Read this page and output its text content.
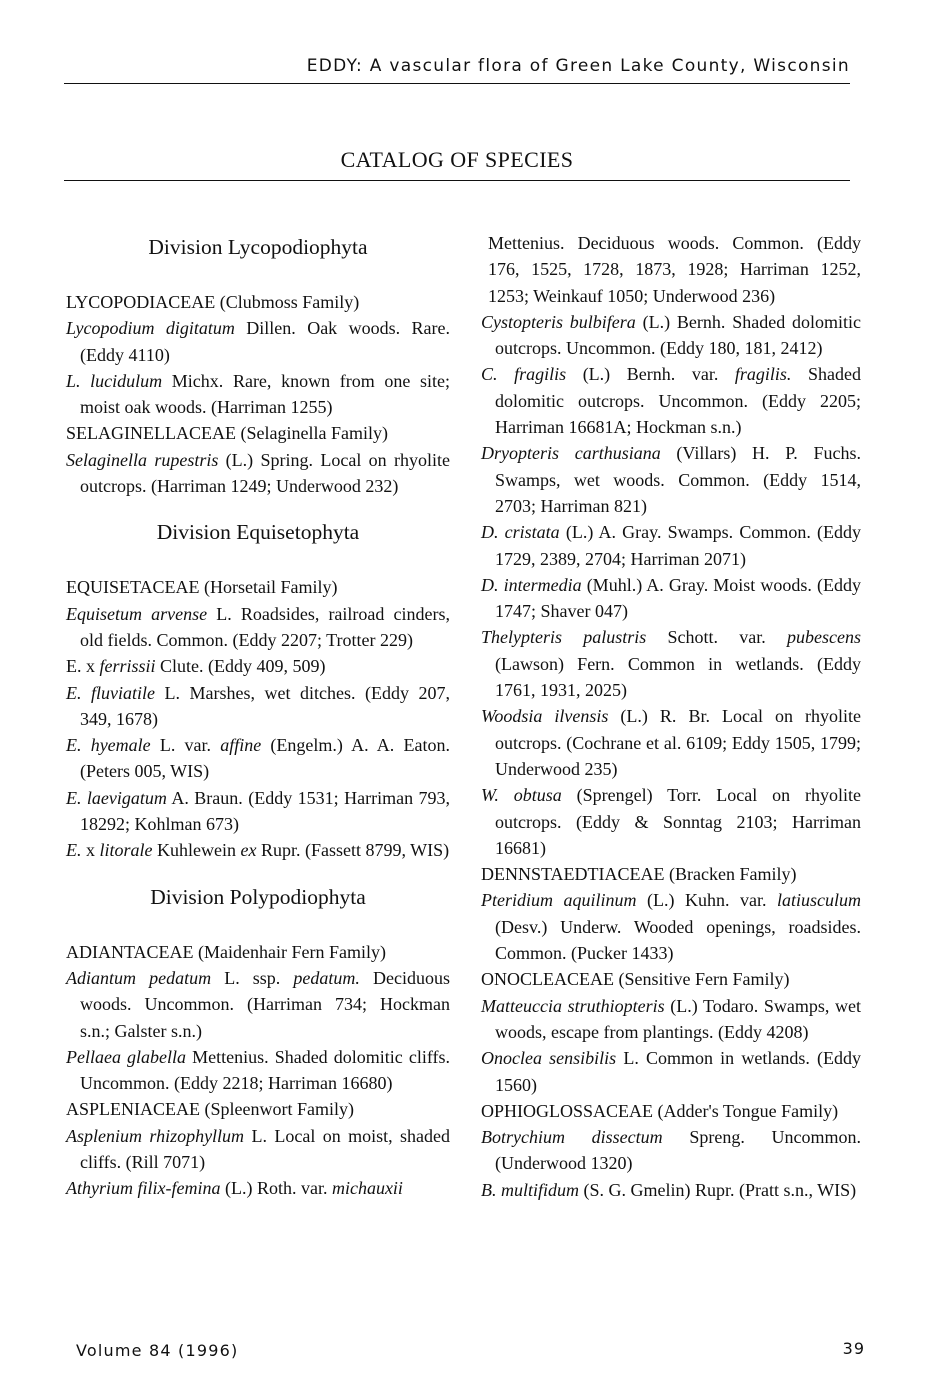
EDDY: A vascular flora of Green Lake County, Wisconsin
CATALOG OF SPECIES
Division Lycopodiophyta
LYCOPODIACEAE (Clubmoss Family)
Lycopodium digitatum Dillen. Oak woods. Rare. (Eddy 4110)
L. lucidulum Michx. Rare, known from one site; moist oak woods. (Harriman 1255)
SELAGINELLACEAE (Selaginella Family)
Selaginella rupestris (L.) Spring. Local on rhyolite outcrops. (Harriman 1249; Underwood 232)
Division Equisetophyta
EQUISETACEAE (Horsetail Family)
Equisetum arvense L. Roadsides, railroad cinders, old fields. Common. (Eddy 2207; Trotter 229)
E. x ferrissii Clute. (Eddy 409, 509)
E. fluviatile L. Marshes, wet ditches. (Eddy 207, 349, 1678)
E. hyemale L. var. affine (Engelm.) A. A. Eaton. (Peters 005, WIS)
E. laevigatum A. Braun. (Eddy 1531; Harriman 793, 18292; Kohlman 673)
E. x litorale Kuhlewein ex Rupr. (Fassett 8799, WIS)
Division Polypodiophyta
ADIANTACEAE (Maidenhair Fern Family)
Adiantum pedatum L. ssp. pedatum. Deciduous woods. Uncommon. (Harriman 734; Hockman s.n.; Galster s.n.)
Pellaea glabella Mettenius. Shaded dolomitic cliffs. Uncommon. (Eddy 2218; Harriman 16680)
ASPLENIACEAE (Spleenwort Family)
Asplenium rhizophyllum L. Local on moist, shaded cliffs. (Rill 7071)
Athyrium filix-femina (L.) Roth. var. michauxii
Mettenius. Deciduous woods. Common. (Eddy 176, 1525, 1728, 1873, 1928; Harriman 1252, 1253; Weinkauf 1050; Underwood 236)
Cystopteris bulbifera (L.) Bernh. Shaded dolomitic outcrops. Uncommon. (Eddy 180, 181, 2412)
C. fragilis (L.) Bernh. var. fragilis. Shaded dolomitic outcrops. Uncommon. (Eddy 2205; Harriman 16681A; Hockman s.n.)
Dryopteris carthusiana (Villars) H. P. Fuchs. Swamps, wet woods. Common. (Eddy 1514, 2703; Harriman 821)
D. cristata (L.) A. Gray. Swamps. Common. (Eddy 1729, 2389, 2704; Harriman 2071)
D. intermedia (Muhl.) A. Gray. Moist woods. (Eddy 1747; Shaver 047)
Thelypteris palustris Schott. var. pubescens (Lawson) Fern. Common in wetlands. (Eddy 1761, 1931, 2025)
Woodsia ilvensis (L.) R. Br. Local on rhyolite outcrops. (Cochrane et al. 6109; Eddy 1505, 1799; Underwood 235)
W. obtusa (Sprengel) Torr. Local on rhyolite outcrops. (Eddy & Sonntag 2103; Harriman 16681)
DENNSTAEDTIACEAE (Bracken Family)
Pteridium aquilinum (L.) Kuhn. var. latiusculum (Desv.) Underw. Wooded openings, roadsides. Common. (Pucker 1433)
ONOCLEACEAE (Sensitive Fern Family)
Matteuccia struthiopteris (L.) Todaro. Swamps, wet woods, escape from plantings. (Eddy 4208)
Onoclea sensibilis L. Common in wetlands. (Eddy 1560)
OPHIOGLOSSACEAE (Adder's Tongue Family)
Botrychium dissectum Spreng. Uncommon. (Underwood 1320)
B. multifidum (S. G. Gmelin) Rupr. (Pratt s.n., WIS)
Volume 84 (1996)	39
